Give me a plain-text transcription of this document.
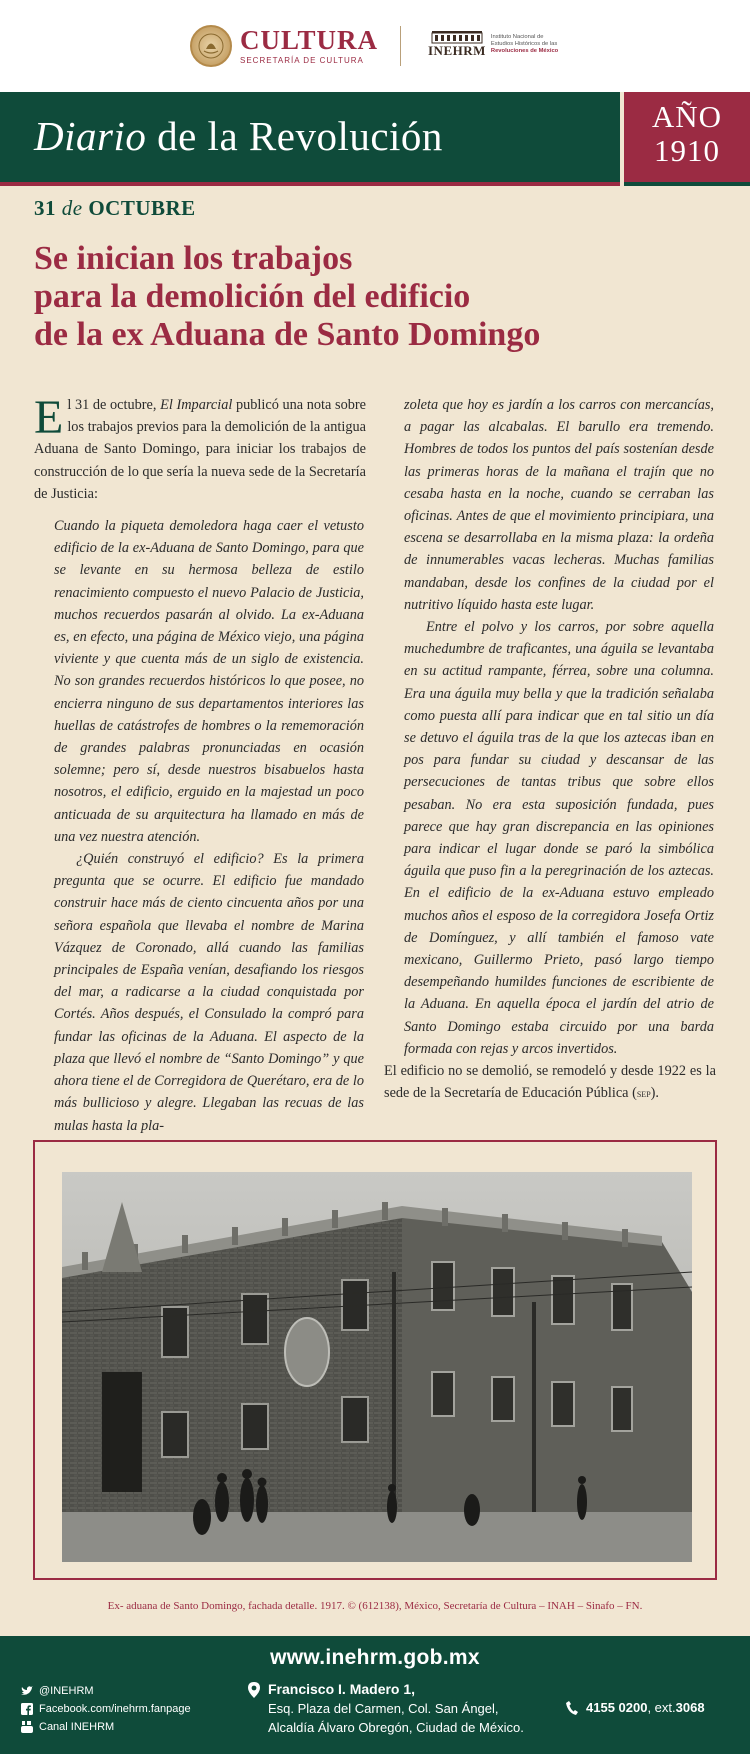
CULTURA
SECRETARÍA DE CULTURA
INEHRM
Instituto Nacional de
Estudios Históricos de las
Revoluciones de México
Diario de la Revolución	AÑO
1910
31 de OCTUBRE
Se inician los trabajos
para la demolición del edificio
de la ex Aduana de Santo Domingo

El 31 de octubre, El Imparcial publicó una nota sobre los trabajos previos para la demolición de la antigua Aduana de Santo Domingo, para iniciar los trabajos de construcción de lo que sería la nueva sede de la Secretaría de Justicia:

Cuando la piqueta demoledora haga caer el vetusto edificio de la ex-Aduana de Santo Domingo, para que se levante en su hermosa belleza de estilo renacimiento compuesto el nuevo Palacio de Justicia, muchos recuerdos pasarán al olvido. La ex-Aduana es, en efecto, una página de México viejo, una página viviente y que cuenta más de un siglo de existencia. No son grandes recuerdos históricos lo que posee, no encierra ninguno de sus departamentos interiores las huellas de catástrofes de hombres o la rememoración de grandes palabras pronunciadas en ocasión solemne; pero sí, desde nuestros bisabuelos hasta nosotros, el edificio, erguido en la majestad un poco anticuada de su arquitectura ha llamado en más de una vez nuestra atención.

¿Quién construyó el edificio? Es la primera pregunta que se ocurre. El edificio fue mandado construir hace más de ciento cincuenta años por una señora española que llevaba el nombre de Marina Vázquez de Coronado, allá cuando las familias principales de España venían, desafiando los riesgos del mar, a radicarse a la ciudad conquistada por Cortés. Años después, el Consulado la compró para fundar las oficinas de la Aduana. El aspecto de la plaza que llevó el nombre de “Santo Domingo” y que ahora tiene el de Corregidora de Querétaro, era de lo más bullicioso y alegre. Llegaban las recuas de las mulas hasta la pla-

zoleta que hoy es jardín a los carros con mercancías, a pagar las alcabalas. El barullo era tremendo. Hombres de todos los puntos del país sostenían desde las primeras horas de la mañana el trajín que no cesaba hasta en la noche, cuando se cerraban las oficinas. Antes de que el movimiento principiara, una escena se desarrollaba en la misma plaza: la ordeña de innumerables vacas lecheras. Muchas familias mandaban, desde los confines de la ciudad por el nutritivo líquido hasta este lugar.

Entre el polvo y los carros, por sobre aquella muchedumbre de traficantes, una águila se levantaba en su actitud rampante, férrea, sobre una columna. Era una águila muy bella y que la tradición señalaba como puesta allí para indicar que en tal sitio un día se detuvo el águila tras de la que los aztecas iban en pos para fundar su ciudad y descansar de las persecuciones de tantas tribus que sobre ellos pesaban. No era esta suposición fundada, pues parece que hay gran discrepancia en las opiniones para indicar el lugar donde se paró la simbólica águila que puso fin a la peregrinación de los aztecas. En el edificio de la ex-Aduana estuvo empleado muchos años el esposo de la corregidora Josefa Ortiz de Domínguez, y allí también el famoso vate mexicano, Guillermo Prieto, pasó largo tiempo desempeñando humildes funciones de escribiente de la Aduana. En aquella época el jardín del atrio de Santo Domingo estaba circuido por una barda formada con rejas y arcos invertidos.

El edificio no se demolió, se remodeló y desde 1922 es la sede de la Secretaría de Educación Pública (sep).

Ex- aduana de Santo Domingo, fachada detalle. 1917. © (612138), México, Secretaría de Cultura – INAH – Sinafo – FN.
www.inehrm.gob.mx
@INEHRM
Facebook.com/inehrm.fanpage
Canal INEHRM
Francisco I. Madero 1,
Esq. Plaza del Carmen, Col. San Ángel,
Alcaldía Álvaro Obregón, Ciudad de México.
4155 0200 , ext. 3068
